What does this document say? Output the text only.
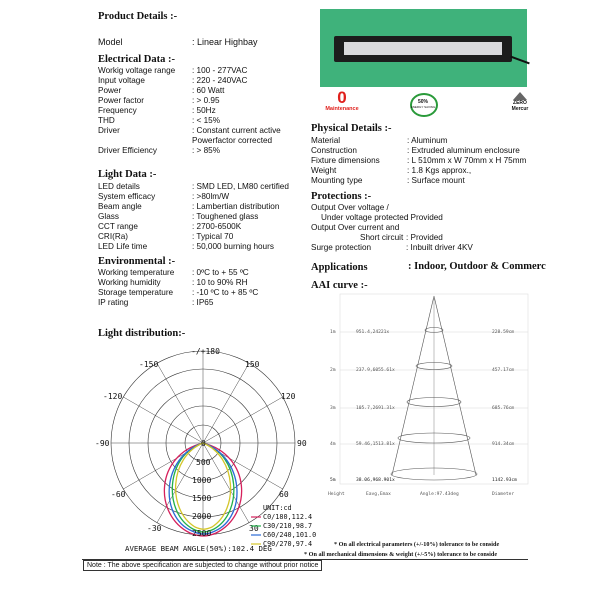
Product Details :-
Model	: Linear Highbay
Electrical Data :-
Workig voltage range : 100 - 277VAC
Input voltage	: 220 - 240VAC
Power	: 60 Watt
Power factor	: > 0.95
Frequency	: 50Hz
THD	: < 15%
Driver	: Constant current active
Powerfactor corrected
Driver Efficiency	: > 85%
Light Data :-
LED details	: SMD LED, LM80 certified
System efficacy	: >80lm/W
Beam angle	: Lambertian distribution
Glass	: Toughened glass
CCT range	: 2700-6500K
CRI(Ra)	: Typical 70
LED Life time	: 50,000 burning hours
Environmental :-
Working temperature : 0ºC to + 55 ºC
Working humidity	: 10 to 90% RH
Storage temperature : -10 ºC to + 85 ºC
IP rating	: IP65
Light distribution:-
-/+180
-150	150
-120	120
-90	90
-60	60
-30	30
0
500
1000
1500
2000
2500
UNIT:cd
C0/180,112.4
C30/210,98.7
C60/240,101.0
C90/270,97.4
AVERAGE BEAM ANGLE(50%):102.4 DEG
0
Maintenance
50%
ENERGY SAVING
ZERO
Mercur
Physical Details :-
Material	: Aluminum
Construction	: Extruded aluminum enclosure
Fixture dimensions	: L 510mm x W 70mm x H 75mm
Weight	: 1.8 Kgs approx.,
Mounting type	: Surface mount
Protections :-
Output Over voltage /
Under voltage protected
: Provided
Output Over current and
Short circuit : Provided
Surge protection	: Inbuilt driver 4KV
Applications	: Indoor, Outdoor & Commerc
AAI curve :-
1m	951.4,24221x	228.59cm
2m	237.9,6055.61x	457.17cm
3m	105.7,2691.31x	685.76cm
4m	59.46,1513.81x	914.34cm
5m	38.06,968.901x	1142.93cm
Height	Eavg,Emax	Angle:97.43deg	Diameter
* On all electrical parameters (+/-10%) tolerance to be conside
* On all mechanical dimensions & weight (+/-5%) tolerance to be conside
Note : The above specification are subjected to change without prior notice
